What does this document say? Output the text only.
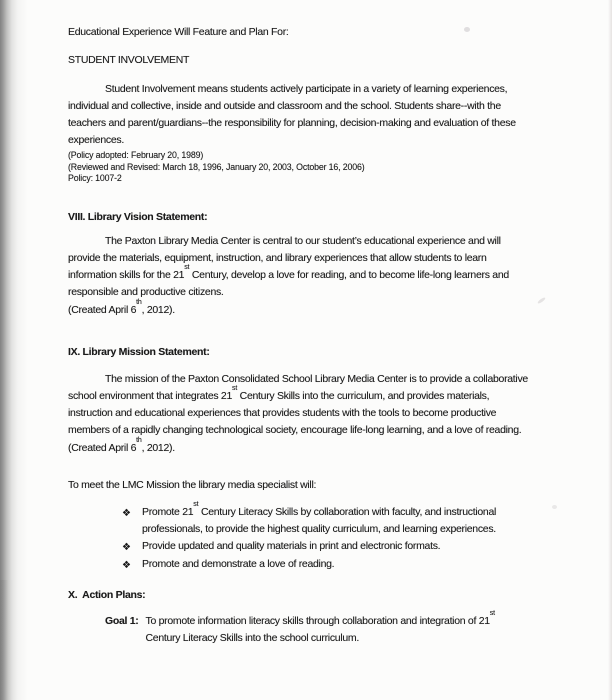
Educational Experience Will Feature and Plan For:
STUDENT INVOLVEMENT
Student Involvement means students actively participate in a variety of learning experiences,
individual and collective, inside and outside and classroom and the school. Students share--with the
teachers and parent/guardians--the responsibility for planning, decision-making and evaluation of these
experiences.
(Policy adopted: February 20, 1989)
(Reviewed and Revised: March 18, 1996, January 20, 2003, October 16, 2006)
Policy: 1007-2
VIII. Library Vision Statement:
The Paxton Library Media Center is central to our student’s educational experience and will
provide the materials, equipment, instruction, and library experiences that allow students to learn
information skills for the 21st Century, develop a love for reading, and to become life-long learners and
responsible and productive citizens.
(Created April 6th, 2012).
IX. Library Mission Statement:
The mission of the Paxton Consolidated School Library Media Center is to provide a collaborative
school environment that integrates 21st Century Skills into the curriculum, and provides materials,
instruction and educational experiences that provides students with the tools to become productive
members of a rapidly changing technological society, encourage life-long learning, and a love of reading.
(Created April 6th, 2012).
To meet the LMC Mission the library media specialist will:
❖	Promote 21st Century Literacy Skills by collaboration with faculty, and instructional
professionals, to provide the highest quality curriculum, and learning experiences.
❖	Provide updated and quality materials in print and electronic formats.
❖	Promote and demonstrate a love of reading.
X.  Action Plans:
Goal 1: To promote information literacy skills through collaboration and integration of 21st
Century Literacy Skills into the school curriculum.
